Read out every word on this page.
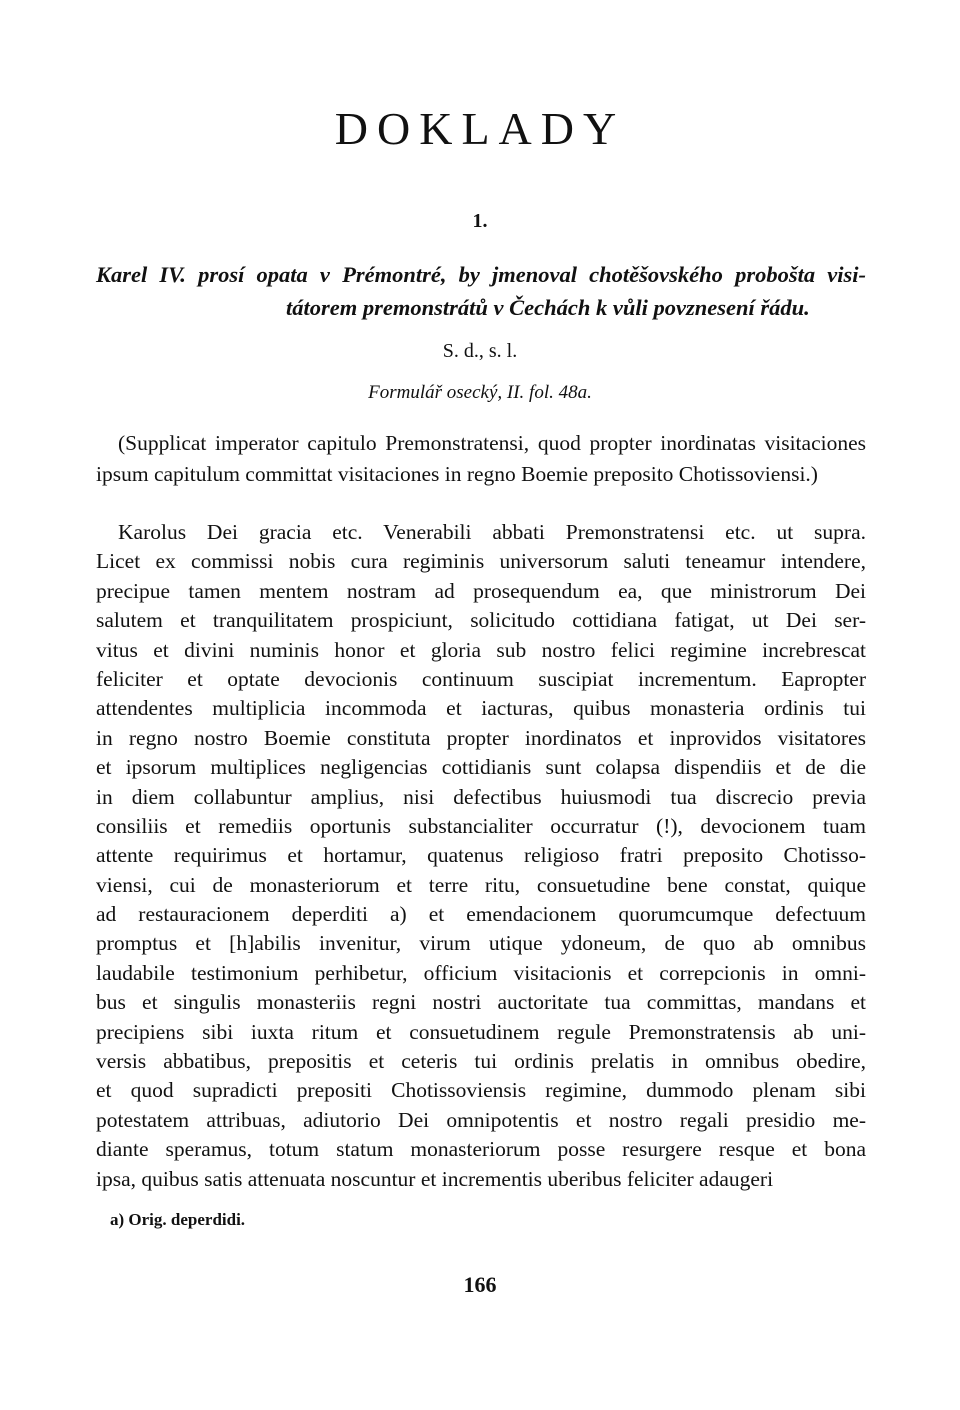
DOKLADY
1.
Karel IV. prosí opata v Prémontré, by jmenoval chotěšovského probošta visi-
tátorem premonstrátů v Čechách k vůli povznesení řádu.
S. d., s. l.
Formulář osecký, II. fol. 48a.
(Supplicat imperator capitulo Premonstratensi, quod propter inordinatas visitaciones ipsum capitulum committat visitaciones in regno Boemie preposito Chotissoviensi.)
Karolus Dei gracia etc. Venerabili abbati Premonstratensi etc. ut supra.
Licet ex commissi nobis cura regiminis universorum saluti teneamur intendere,
precipue tamen mentem nostram ad prosequendum ea, que ministrorum Dei
salutem et tranquilitatem prospiciunt, solicitudo cottidiana fatigat, ut Dei ser-
vitus et divini numinis honor et gloria sub nostro felici regimine increbrescat
feliciter et optate devocionis continuum suscipiat incrementum. Eapropter
attendentes multiplicia incommoda et iacturas, quibus monasteria ordinis tui
in regno nostro Boemie constituta propter inordinatos et inprovidos visitatores
et ipsorum multiplices negligencias cottidianis sunt colapsa dispendiis et de die
in diem collabuntur amplius, nisi defectibus huiusmodi tua discrecio previa
consiliis et remediis oportunis substancialiter occurratur (!), devocionem tuam
attente requirimus et hortamur, quatenus religioso fratri preposito Chotisso-
viensi, cui de monasteriorum et terre ritu, consuetudine bene constat, quique
ad restauracionem deperditi a) et emendacionem quorumcumque defectuum
promptus et [h]abilis invenitur, virum utique ydoneum, de quo ab omnibus
laudabile testimonium perhibetur, officium visitacionis et correpcionis in omni-
bus et singulis monasteriis regni nostri auctoritate tua committas, mandans et
precipiens sibi iuxta ritum et consuetudinem regule Premonstratensis ab uni-
versis abbatibus, prepositis et ceteris tui ordinis prelatis in omnibus obedire,
et quod supradicti prepositi Chotissoviensis regimine, dummodo plenam sibi
potestatem attribuas, adiutorio Dei omnipotentis et nostro regali presidio me-
diante speramus, totum statum monasteriorum posse resurgere resque et bona
ipsa, quibus satis attenuata noscuntur et incrementis uberibus feliciter adaugeri
a) Orig. deperdidi.
166
